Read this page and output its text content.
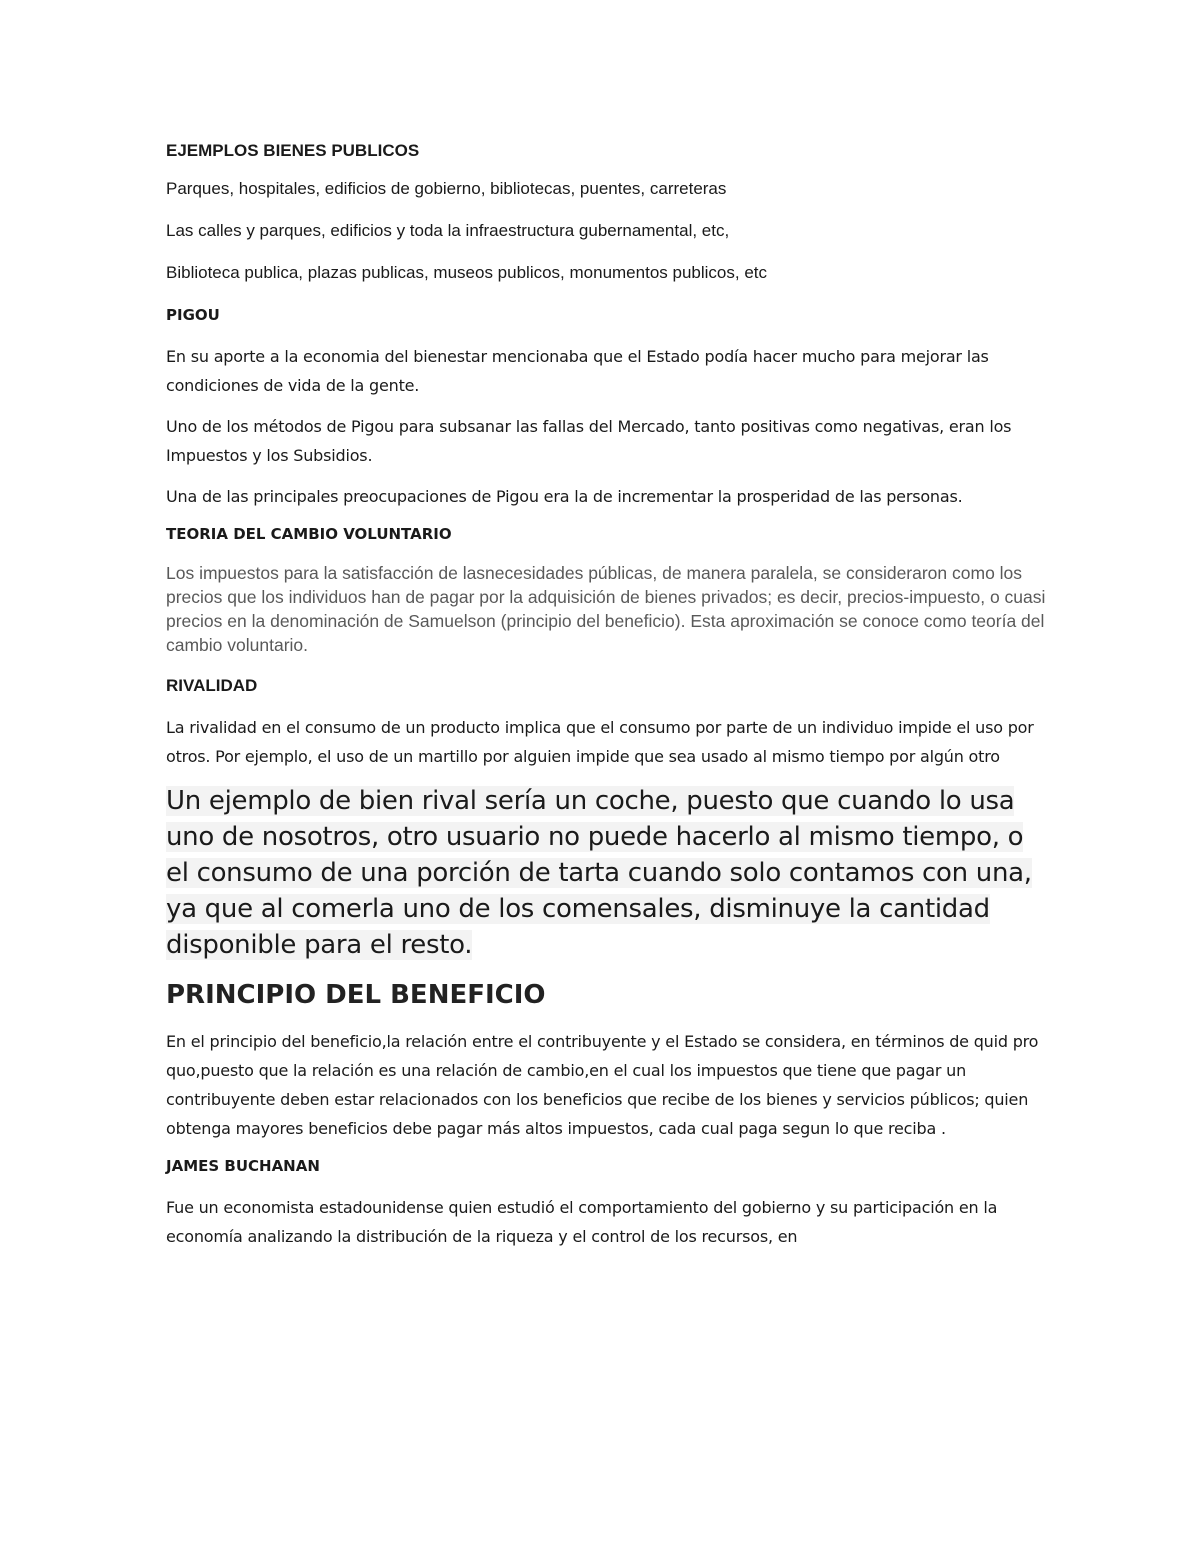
EJEMPLOS BIENES PUBLICOS

Parques, hospitales, edificios de gobierno, bibliotecas, puentes, carreteras

Las calles y parques, edificios y toda la infraestructura gubernamental, etc,

Biblioteca publica, plazas publicas, museos publicos, monumentos publicos, etc

PIGOU

En su aporte a la economia del bienestar mencionaba que el Estado podía hacer mucho para mejorar las condiciones de vida de la gente.

Uno de los métodos de Pigou para subsanar las fallas del Mercado, tanto positivas como negativas, eran los Impuestos y los Subsidios.

Una de las principales preocupaciones de Pigou era la de incrementar la prosperidad de las personas.

TEORIA DEL CAMBIO VOLUNTARIO

Los impuestos para la satisfacción de lasnecesidades públicas, de manera paralela, se consideraron como los precios que los individuos han de pagar por la adquisición de bienes privados; es decir, precios-impuesto, o cuasi precios en la denominación de Samuelson (principio del beneficio). Esta aproximación se conoce como teoría del cambio voluntario.

RIVALIDAD

La rivalidad en el consumo de un producto implica que el consumo por parte de un individuo impide el uso por otros. Por ejemplo, el uso de un martillo por alguien impide que sea usado al mismo tiempo por algún otro

Un ejemplo de bien rival sería un coche, puesto que cuando lo usa uno de nosotros, otro usuario no puede hacerlo al mismo tiempo, o el consumo de una porción de tarta cuando solo contamos con una, ya que al comerla uno de los comensales, disminuye la cantidad disponible para el resto.

PRINCIPIO DEL BENEFICIO

En el principio del beneficio,la relación entre el contribuyente y el Estado se considera, en términos de quid pro quo,puesto que la relación es una relación de cambio,en el cual los impuestos que tiene que pagar un contribuyente deben estar relacionados con los beneficios que recibe de los bienes y servicios públicos; quien obtenga mayores beneficios debe pagar más altos impuestos, cada cual paga segun lo que reciba .

JAMES BUCHANAN

Fue un economista estadounidense quien estudió el comportamiento del gobierno y su participación en la economía analizando la distribución de la riqueza y el control de los recursos, en
